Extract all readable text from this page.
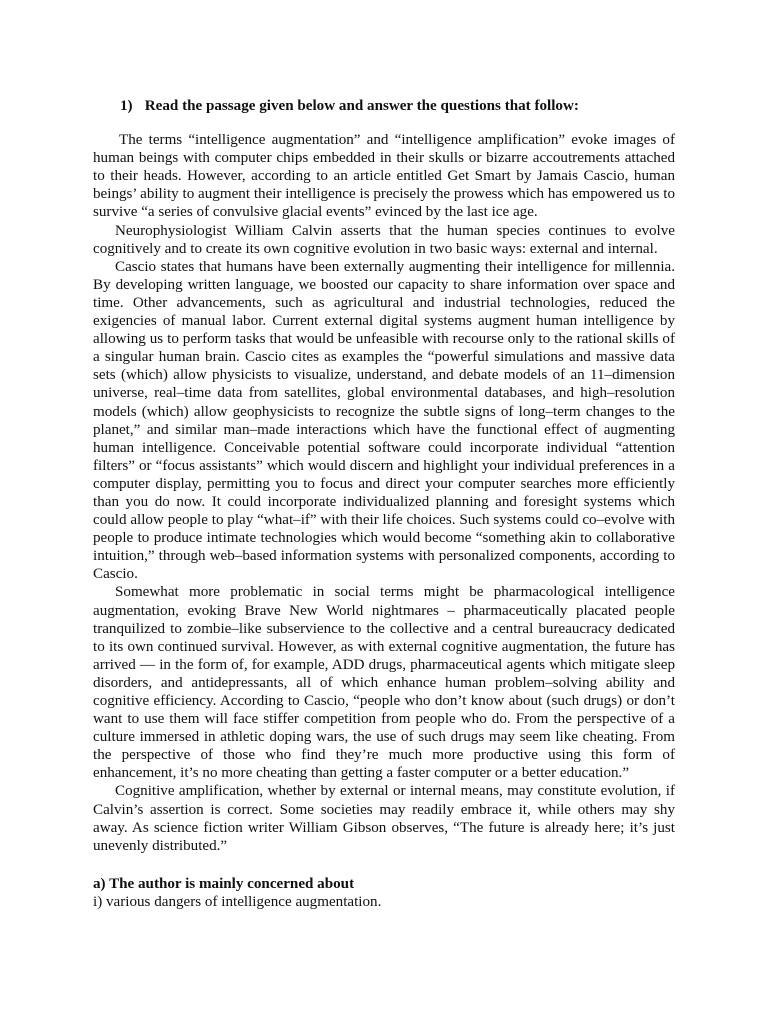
1) Read the passage given below and answer the questions that follow:

The terms “intelligence augmentation” and “intelligence amplification” evoke images of human beings with computer chips embedded in their skulls or bizarre accoutrements attached to their heads. However, according to an article entitled Get Smart by Jamais Cascio, human beings’ ability to augment their intelligence is precisely the prowess which has empowered us to survive “a series of convulsive glacial events” evinced by the last ice age.

Neurophysiologist William Calvin asserts that the human species continues to evolve cognitively and to create its own cognitive evolution in two basic ways: external and internal.

Cascio states that humans have been externally augmenting their intelligence for millennia. By developing written language, we boosted our capacity to share information over space and time. Other advancements, such as agricultural and industrial technologies, reduced the exigencies of manual labor. Current external digital systems augment human intelligence by allowing us to perform tasks that would be unfeasible with recourse only to the rational skills of a singular human brain. Cascio cites as examples the “powerful simulations and massive data sets (which) allow physicists to visualize, understand, and debate models of an 11–dimension universe, real–time data from satellites, global environmental databases, and high–resolution models (which) allow geophysicists to recognize the subtle signs of long–term changes to the planet,” and similar man–made interactions which have the functional effect of augmenting human intelligence. Conceivable potential software could incorporate individual “attention filters” or “focus assistants” which would discern and highlight your individual preferences in a computer display, permitting you to focus and direct your computer searches more efficiently than you do now. It could incorporate individualized planning and foresight systems which could allow people to play “what–if” with their life choices. Such systems could co–evolve with people to produce intimate technologies which would become “something akin to collaborative intuition,” through web–based information systems with personalized components, according to Cascio.

Somewhat more problematic in social terms might be pharmacological intelligence augmentation, evoking Brave New World nightmares – pharmaceutically placated people tranquilized to zombie–like subservience to the collective and a central bureaucracy dedicated to its own continued survival. However, as with external cognitive augmentation, the future has arrived — in the form of, for example, ADD drugs, pharmaceutical agents which mitigate sleep disorders, and antidepressants, all of which enhance human problem–solving ability and cognitive efficiency. According to Cascio, “people who don’t know about (such drugs) or don’t want to use them will face stiffer competition from people who do. From the perspective of a culture immersed in athletic doping wars, the use of such drugs may seem like cheating. From the perspective of those who find they’re much more productive using this form of enhancement, it’s no more cheating than getting a faster computer or a better education.”

Cognitive amplification, whether by external or internal means, may constitute evolution, if Calvin’s assertion is correct. Some societies may readily embrace it, while others may shy away. As science fiction writer William Gibson observes, “The future is already here; it’s just unevenly distributed.”

a) The author is mainly concerned about

i) various dangers of intelligence augmentation.
